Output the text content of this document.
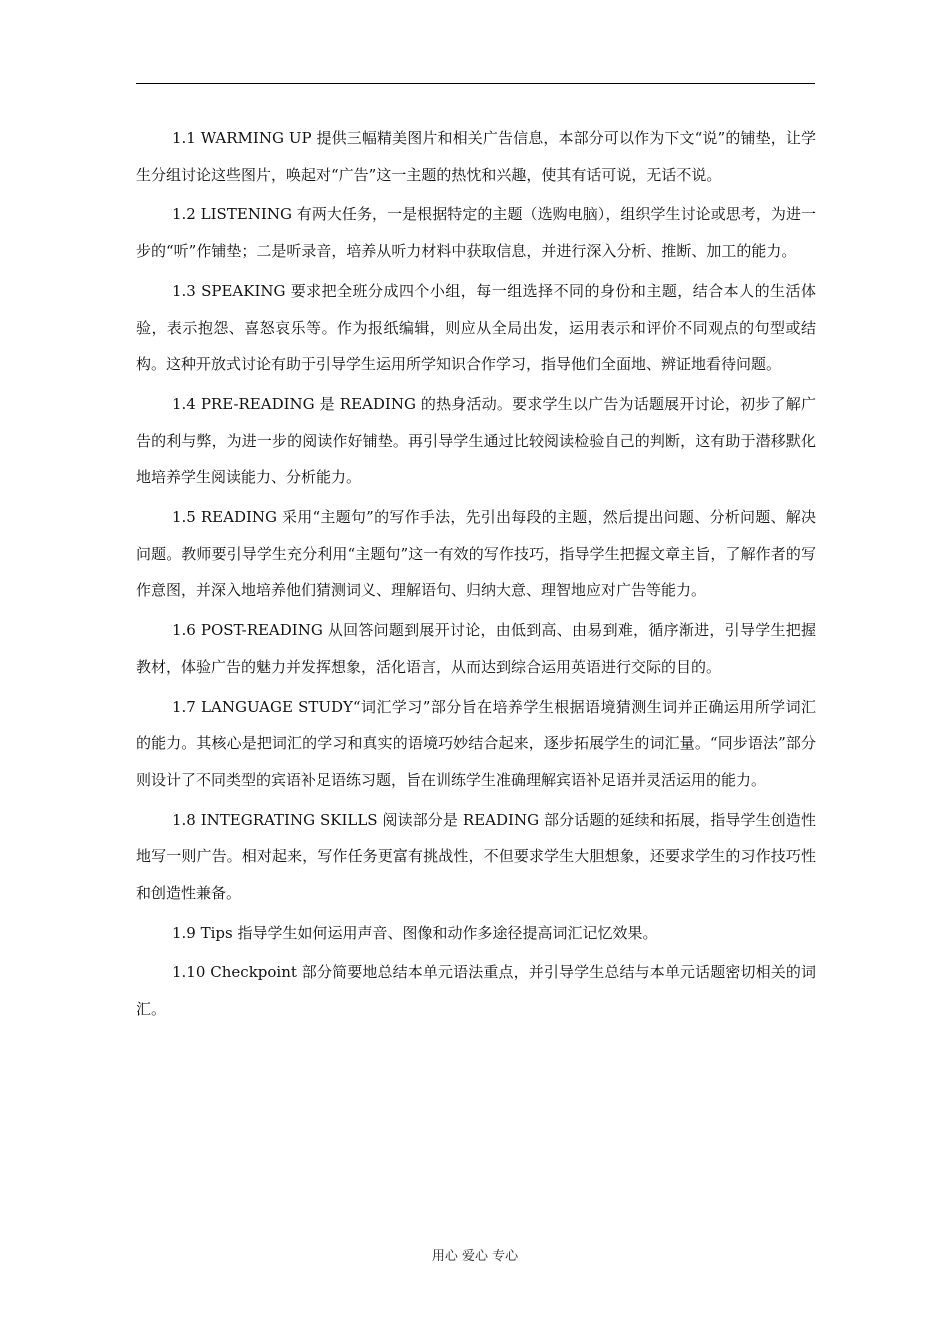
1.1 WARMING UP 提供三幅精美图片和相关广告信息，本部分可以作为下文“说”的铺垫，让学生分组讨论这些图片，唤起对“广告”这一主题的热忱和兴趣，使其有话可说，无话不说。

1.2 LISTENING 有两大任务，一是根据特定的主题（选购电脑），组织学生讨论或思考，为进一步的“听”作铺垫；二是听录音，培养从听力材料中获取信息，并进行深入分析、推断、加工的能力。

1.3 SPEAKING 要求把全班分成四个小组，每一组选择不同的身份和主题，结合本人的生活体验，表示抱怨、喜怒哀乐等。作为报纸编辑，则应从全局出发，运用表示和评价不同观点的句型或结构。这种开放式讨论有助于引导学生运用所学知识合作学习，指导他们全面地、辨证地看待问题。

1.4 PRE-READING 是 READING 的热身活动。要求学生以广告为话题展开讨论，初步了解广告的利与弊，为进一步的阅读作好铺垫。再引导学生通过比较阅读检验自己的判断，这有助于潜移默化地培养学生阅读能力、分析能力。

1.5 READING 采用“主题句”的写作手法，先引出每段的主题，然后提出问题、分析问题、解决问题。教师要引导学生充分利用“主题句”这一有效的写作技巧，指导学生把握文章主旨，了解作者的写作意图，并深入地培养他们猜测词义、理解语句、归纳大意、理智地应对广告等能力。

1.6 POST-READING 从回答问题到展开讨论，由低到高、由易到难，循序渐进，引导学生把握教材，体验广告的魅力并发挥想象，活化语言，从而达到综合运用英语进行交际的目的。

1.7 LANGUAGE STUDY“词汇学习”部分旨在培养学生根据语境猜测生词并正确运用所学词汇的能力。其核心是把词汇的学习和真实的语境巧妙结合起来，逐步拓展学生的词汇量。“同步语法”部分则设计了不同类型的宾语补足语练习题，旨在训练学生准确理解宾语补足语并灵活运用的能力。

1.8 INTEGRATING SKILLS 阅读部分是 READING 部分话题的延续和拓展，指导学生创造性地写一则广告。相对起来，写作任务更富有挑战性，不但要求学生大胆想象，还要求学生的习作技巧性和创造性兼备。

1.9 Tips 指导学生如何运用声音、图像和动作多途径提高词汇记忆效果。

1.10 Checkpoint 部分简要地总结本单元语法重点，并引导学生总结与本单元话题密切相关的词汇。

用心 爱心 专心
